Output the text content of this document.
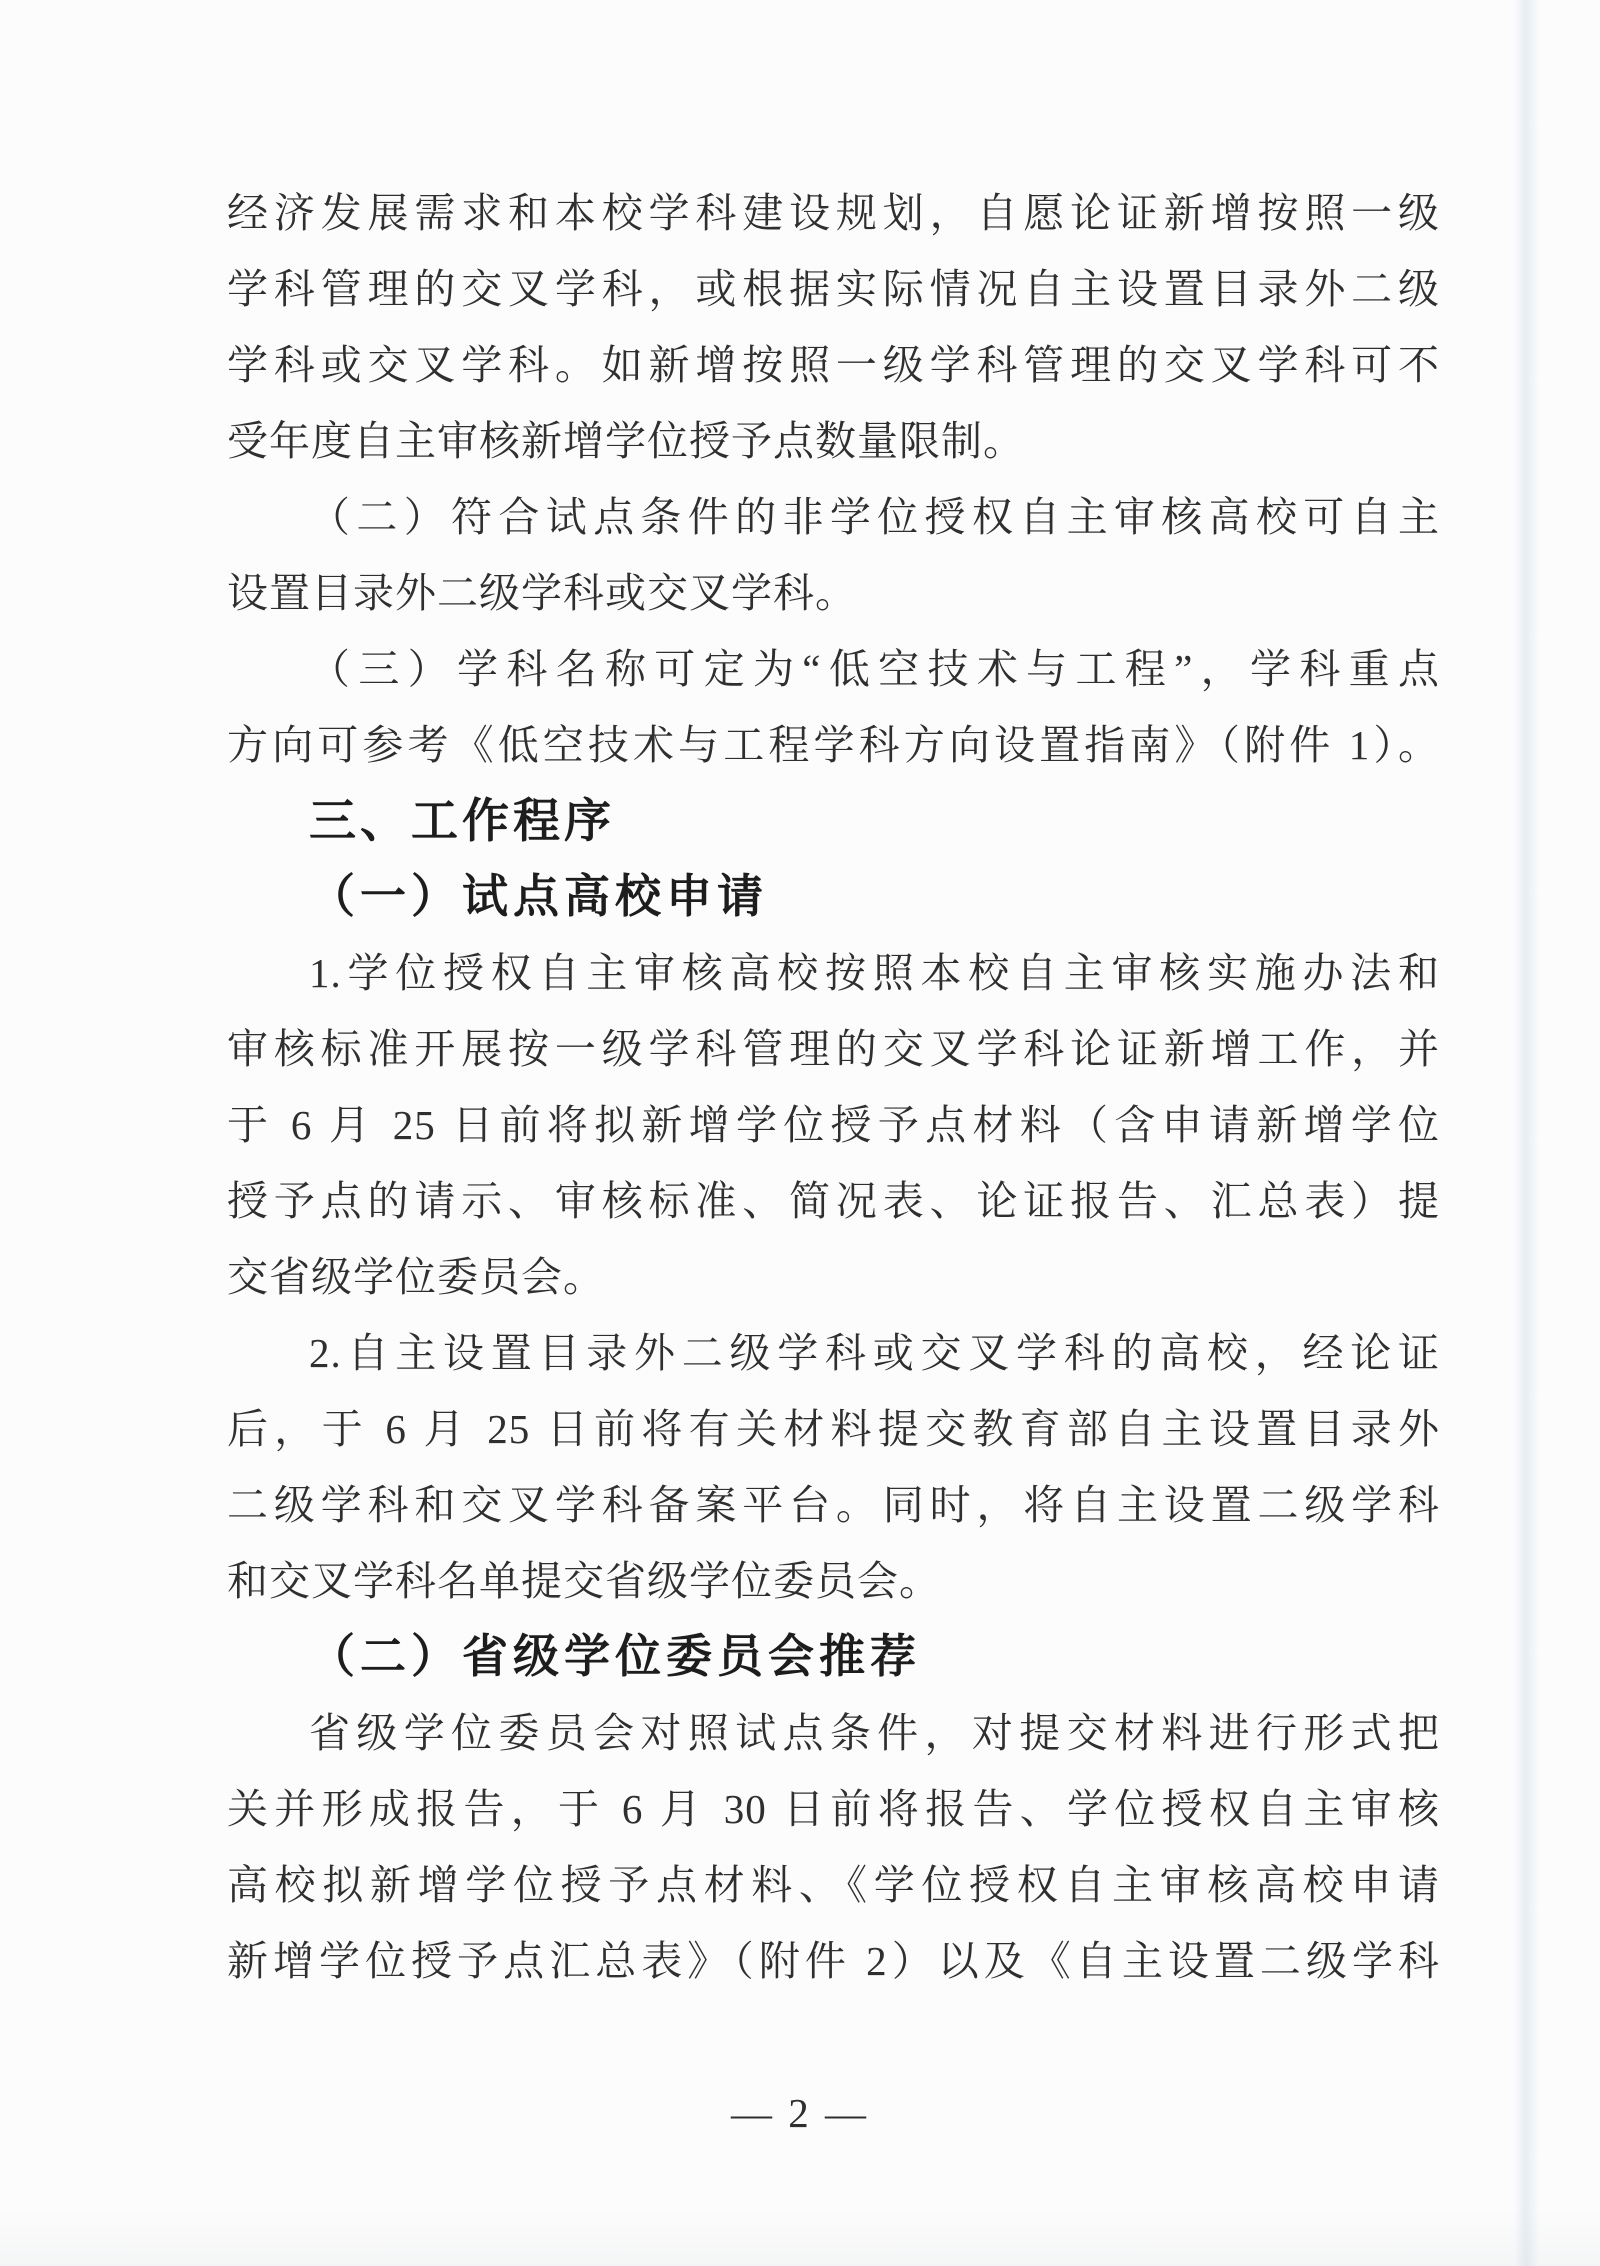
经济发展需求和本校学科建设规划，自愿论证新增按照一级

学科管理的交叉学科，或根据实际情况自主设置目录外二级

学科或交叉学科。如新增按照一级学科管理的交叉学科可不

受年度自主审核新增学位授予点数量限制。

（二）符合试点条件的非学位授权自主审核高校可自主

设置目录外二级学科或交叉学科。

（三）学科名称可定为“低空技术与工程”，学科重点

方向可参考《低空技术与工程学科方向设置指南》（附件 1）。

三、工作程序

（一）试点高校申请

1.学位授权自主审核高校按照本校自主审核实施办法和

审核标准开展按一级学科管理的交叉学科论证新增工作，并

于 6 月 25 日前将拟新增学位授予点材料（含申请新增学位

授予点的请示、审核标准、简况表、论证报告、汇总表）提

交省级学位委员会。

2.自主设置目录外二级学科或交叉学科的高校，经论证

后，于 6 月 25 日前将有关材料提交教育部自主设置目录外

二级学科和交叉学科备案平台。同时，将自主设置二级学科

和交叉学科名单提交省级学位委员会。

（二）省级学位委员会推荐

省级学位委员会对照试点条件，对提交材料进行形式把

关并形成报告，于 6 月 30 日前将报告、学位授权自主审核

高校拟新增学位授予点材料、《学位授权自主审核高校申请

新增学位授予点汇总表》（附件 2）以及《自主设置二级学科

— 2 —
